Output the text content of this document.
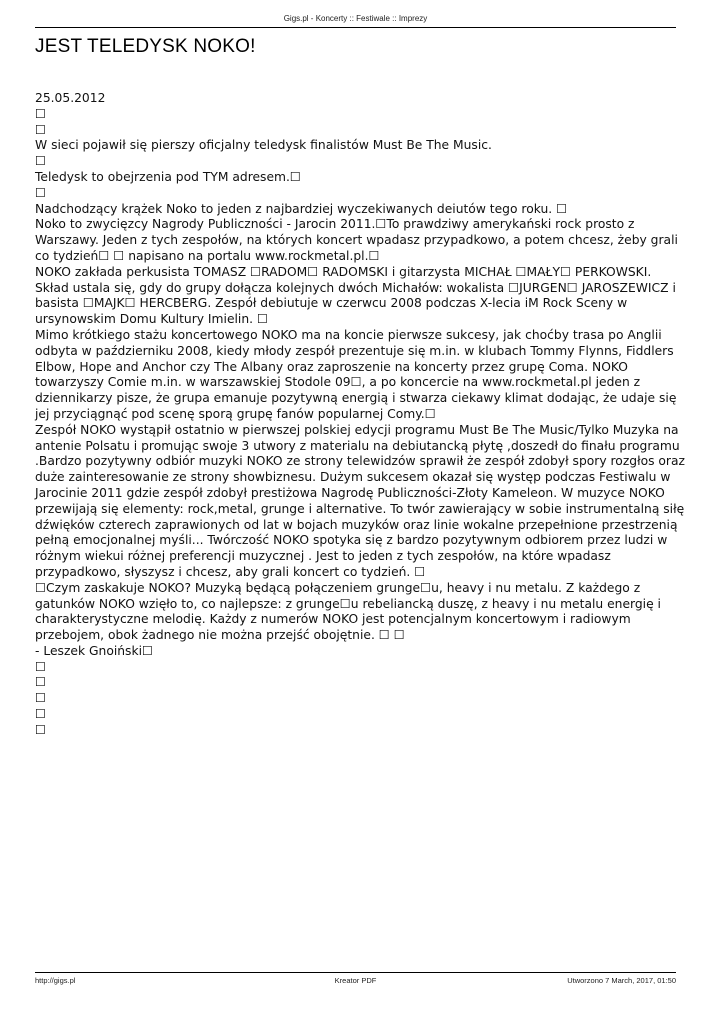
Gigs.pl - Koncerty :: Festiwale :: Imprezy
JEST TELEDYSK NOKO!

25.05.2012

☐

☐

W sieci pojawił się pierszy oficjalny teledysk finalistów Must Be The Music.

☐

Teledysk to obejrzenia pod TYM adresem.☐

☐

Nadchodzący krążek Noko to jeden z najbardziej wyczekiwanych deiutów tego roku. ☐

Noko to zwycięzcy Nagrody Publiczności - Jarocin 2011.☐To prawdziwy amerykański rock prosto z Warszawy. Jeden z tych zespołów, na których koncert wpadasz przypadkowo, a potem chcesz, żeby grali co tydzień☐ ☐ napisano na portalu www.rockmetal.pl.☐

NOKO zakłada perkusista TOMASZ ☐RADOM☐ RADOMSKI i gitarzysta MICHAŁ ☐MAŁY☐ PERKOWSKI. Skład ustala się, gdy do grupy dołącza kolejnych dwóch Michałów: wokalista ☐JURGEN☐ JAROSZEWICZ i basista ☐MAJK☐ HERCBERG. Zespół debiutuje w czerwcu 2008 podczas X-lecia iM Rock Sceny w ursynowskim Domu Kultury Imielin. ☐

Mimo krótkiego stażu koncertowego NOKO ma na koncie pierwsze sukcesy, jak choćby trasa po Anglii odbyta w październiku 2008, kiedy młody zespół prezentuje się m.in. w klubach Tommy Flynns, Fiddlers Elbow, Hope and Anchor czy The Albany oraz zaproszenie na koncerty przez grupę Coma. NOKO towarzyszy Comie m.in. w warszawskiej Stodole 09☐, a po koncercie na www.rockmetal.pl jeden z dziennikarzy pisze, że grupa emanuje pozytywną energią i stwarza ciekawy klimat dodając, że udaje się jej przyciągnąć pod scenę sporą grupę fanów popularnej Comy.☐

Zespół NOKO wystąpił ostatnio w pierwszej polskiej edycji programu Must Be The Music/Tylko Muzyka na antenie Polsatu i promując swoje 3 utwory z materialu na debiutancką płytę ,doszedł do finału programu .Bardzo pozytywny odbiór muzyki NOKO ze strony telewidzów sprawił że zespół zdobył spory rozgłos oraz duże zainteresowanie ze strony showbiznesu. Dużym sukcesem okazał się występ podczas Festiwalu w Jarocinie 2011 gdzie zespół zdobył prestiżowa Nagrodę Publiczności-Złoty Kameleon. W muzyce NOKO przewijają się elementy: rock,metal, grunge i alternative. To twór zawierający w sobie instrumentalną siłę dźwięków czterech zaprawionych od lat w bojach muzyków oraz linie wokalne przepełnione przestrzenią pełną emocjonalnej myśli... Twórczość NOKO spotyka się z bardzo pozytywnym odbiorem przez ludzi w różnym wiekui różnej preferencji muzycznej . Jest to jeden z tych zespołów, na które wpadasz przypadkowo, słyszysz i chcesz, aby grali koncert co tydzień. ☐

☐Czym zaskakuje NOKO? Muzyką będącą połączeniem grunge☐u, heavy i nu metalu. Z każdego z gatunków NOKO wzięło to, co najlepsze: z grunge☐u rebeliancką duszę, z heavy i nu metalu energię i charakterystyczne melodię. Każdy z numerów NOKO jest potencjalnym koncertowym i radiowym przebojem, obok żadnego nie można przejść obojętnie. ☐ ☐

- Leszek Gnoiński☐

☐

☐

☐

☐

☐

http://gigs.pl	Kreator PDF	Utworzono 7 March, 2017, 01:50
